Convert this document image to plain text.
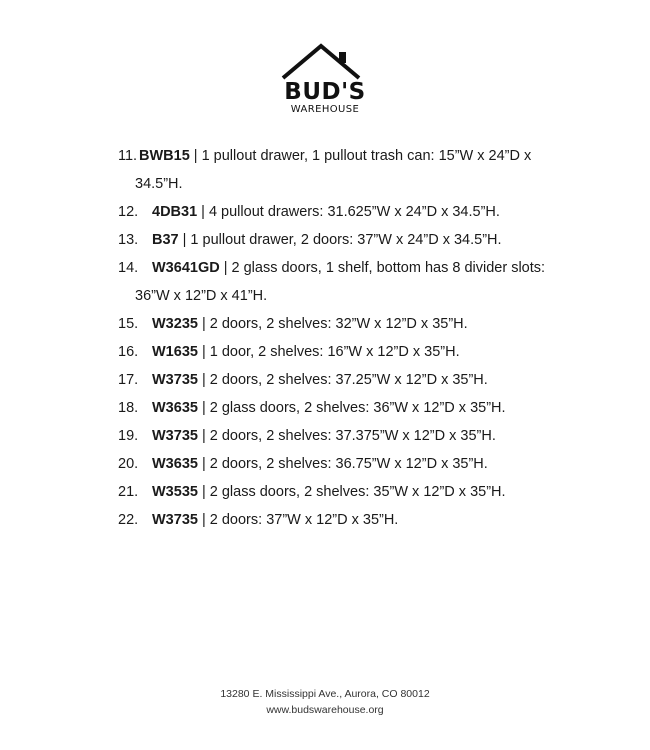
BUD'S
WAREHOUSE
11. BWB15 | 1 pullout drawer, 1 pullout trash can: 15”W x 24”D x 34.5”H.
12. 4DB31 | 4 pullout drawers: 31.625”W x 24”D x 34.5”H.
13. B37 | 1 pullout drawer, 2 doors: 37”W x 24”D x 34.5”H.
14. W3641GD | 2 glass doors, 1 shelf, bottom has 8 divider slots: 36”W x 12”D x 41”H.
15. W3235 | 2 doors, 2 shelves: 32”W x 12”D x 35”H.
16. W1635 | 1 door, 2 shelves: 16”W x 12”D x 35”H.
17. W3735 | 2 doors, 2 shelves: 37.25”W x 12”D x 35”H.
18. W3635 | 2 glass doors, 2 shelves: 36”W x 12”D x 35”H.
19. W3735 | 2 doors, 2 shelves: 37.375”W x 12”D x 35”H.
20. W3635 | 2 doors, 2 shelves: 36.75”W x 12”D x 35”H.
21. W3535 | 2 glass doors, 2 shelves: 35”W x 12”D x 35”H.
22. W3735 | 2 doors: 37”W x 12”D x 35”H.
13280 E. Mississippi Ave., Aurora, CO 80012
www.budswarehouse.org
